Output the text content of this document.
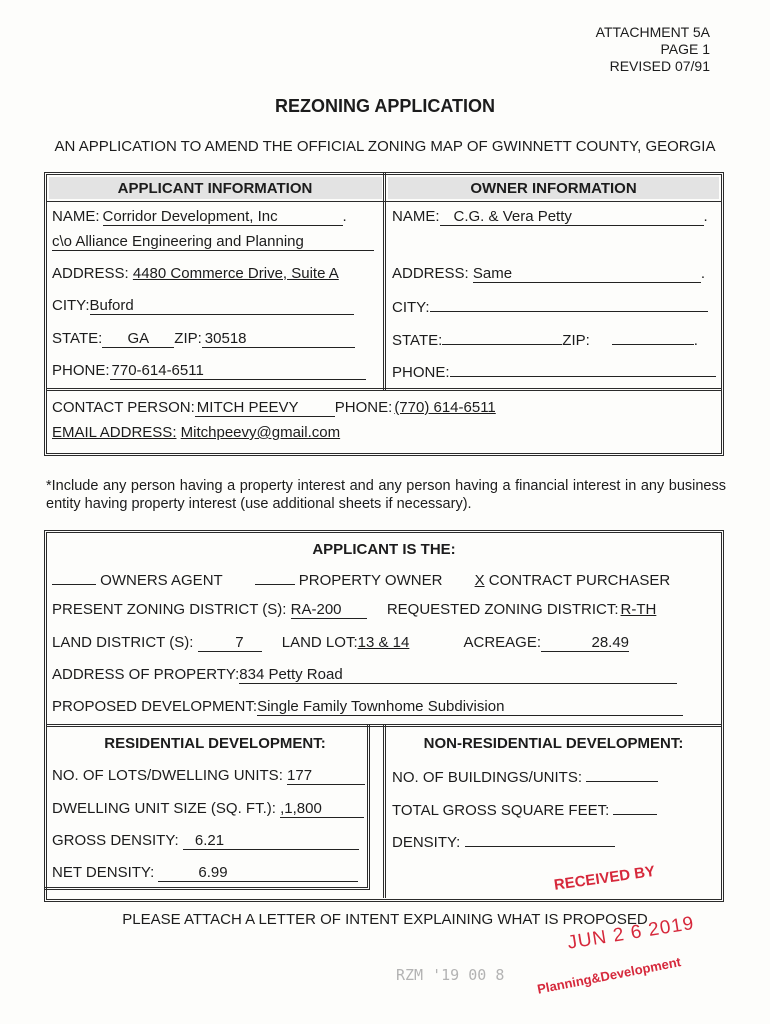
ATTACHMENT 5A
PAGE 1
REVISED 07/91
REZONING APPLICATION
AN APPLICATION TO AMEND THE OFFICIAL ZONING MAP OF GWINNETT COUNTY, GEORGIA
APPLICANT INFORMATION	OWNER INFORMATION
NAME: Corridor Development, Inc	.
c\o Alliance Engineering and Planning
ADDRESS: 4480 Commerce Drive, Suite A
CITY:Buford
STATE: GA ZIP: 30518
PHONE: 770-614-6511
NAME: C.G. & Vera Petty	.
ADDRESS: Same	.
CITY:
STATE:	ZIP:	.
PHONE:
CONTACT PERSON: MITCH PEEVY PHONE: (770) 614-6511
EMAIL ADDRESS: Mitchpeevy@gmail.com
*Include any person having a property interest and any person having a financial interest in any business entity having property interest (use additional sheets if necessary).
APPLICANT IS THE:
OWNERS AGENT	PROPERTY OWNER X CONTRACT PURCHASER
PRESENT ZONING DISTRICT (S): RA-200	REQUESTED ZONING DISTRICT: R-TH
LAND DISTRICT (S):	7	LAND LOT:13 & 14	ACREAGE:	28.49
ADDRESS OF PROPERTY:834 Petty Road
PROPOSED DEVELOPMENT:Single Family Townhome Subdivision
RESIDENTIAL DEVELOPMENT:	NON-RESIDENTIAL DEVELOPMENT:
NO. OF LOTS/DWELLING UNITS: 177
DWELLING UNIT SIZE (SQ. FT.): ,1,800
GROSS DENSITY: 6.21
NET DENSITY:	6.99
NO. OF BUILDINGS/UNITS:
TOTAL GROSS SQUARE FEET:
DENSITY:
PLEASE ATTACH A LETTER OF INTENT EXPLAINING WHAT IS PROPOSED
RECEIVED BY
JUN 2 6 2019
Planning&Development
RZM '19 00 8
